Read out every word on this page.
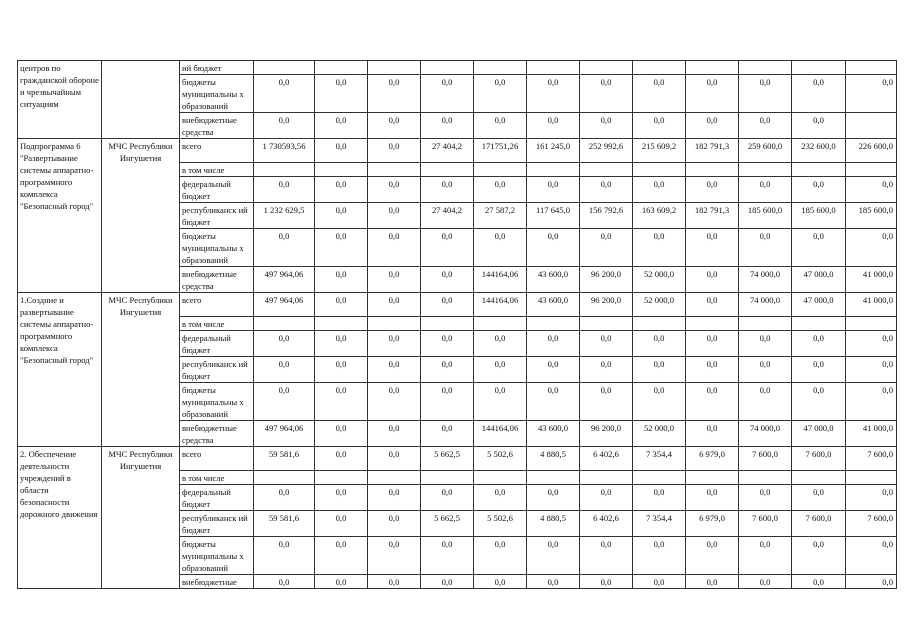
центров по гражданской обороне и чрезвычайным ситуациям		ий бюджет												
		бюджеты муниципальны х образований	0,0	0,0	0,0	0,0	0,0	0,0	0,0	0,0	0,0	0,0	0,0	0,0
		внебюджетные средства	0,0	0,0	0,0	0,0	0,0	0,0	0,0	0,0	0,0	0,0	0,0	
Подпрограмма 6 "Развертывание системы аппаратно-программного комплекса "Безопасный город"	МЧС Республики Ингушетия	всего	1 730593,56	0,0	0,0	27 404,2	171751,26	161 245,0	252 992,6	215 609,2	182 791,3	259 600,0	232 600,0	226 600,0
		в том числе												
		федеральный бюджет	0,0	0,0	0,0	0,0	0,0	0,0	0,0	0,0	0,0	0,0	0,0	0,0
		республиканск ий бюджет	1 232 629,5	0,0	0,0	27 404,2	27 587,2	117 645,0	156 792,6	163 609,2	182 791,3	185 600,0	185 600,0	185 600,0
		бюджеты муниципальны х образований	0,0	0,0	0,0	0,0	0,0	0,0	0,0	0,0	0,0	0,0	0,0	0,0
		внебюджетные средства	497 964,06	0,0	0,0	0,0	144164,06	43 600,0	96 200,0	52 000,0	0,0	74 000,0	47 000,0	41 000,0
1.Создние и развертывание системы аппаратно-программного комплекса "Безопасный город"	МЧС Республики Ингушетия	всего	497 964,06	0,0	0,0	0,0	144164,06	43 600,0	96 200,0	52 000,0	0,0	74 000,0	47 000,0	41 000,0
		в том числе												
		федеральный бюджет	0,0	0,0	0,0	0,0	0,0	0,0	0,0	0,0	0,0	0,0	0,0	0,0
		республиканск ий бюджет	0,0	0,0	0,0	0,0	0,0	0,0	0,0	0,0	0,0	0,0	0,0	0,0
		бюджеты муниципальны х образований	0,0	0,0	0,0	0,0	0,0	0,0	0,0	0,0	0,0	0,0	0,0	0,0
		внебюджетные средства	497 964,06	0,0	0,0	0,0	144164,06	43 600,0	96 200,0	52 000,0	0,0	74 000,0	47 000,0	41 000,0
2. Обеспечение деятельности учреждений в области безопасности дорожного движения	МЧС Республики Ингушетия	всего	59 581,6	0,0	0,0	5 662,5	5 502,6	4 880,5	6 402,6	7 354,4	6 979,0	7 600,0	7 600,0	7 600,0
		в том числе												
		федеральный бюджет	0,0	0,0	0,0	0,0	0,0	0,0	0,0	0,0	0,0	0,0	0,0	0,0
		республиканск ий бюджет	59 581,6	0,0	0,0	5 662,5	5 502,6	4 880,5	6 402,6	7 354,4	6 979,0	7 600,0	7 600,0	7 600,0
		бюджеты муниципальны х образований	0,0	0,0	0,0	0,0	0,0	0,0	0,0	0,0	0,0	0,0	0,0	0,0
		внебюджетные	0,0	0,0	0,0	0,0	0,0	0,0	0,0	0,0	0,0	0,0	0,0	0,0
